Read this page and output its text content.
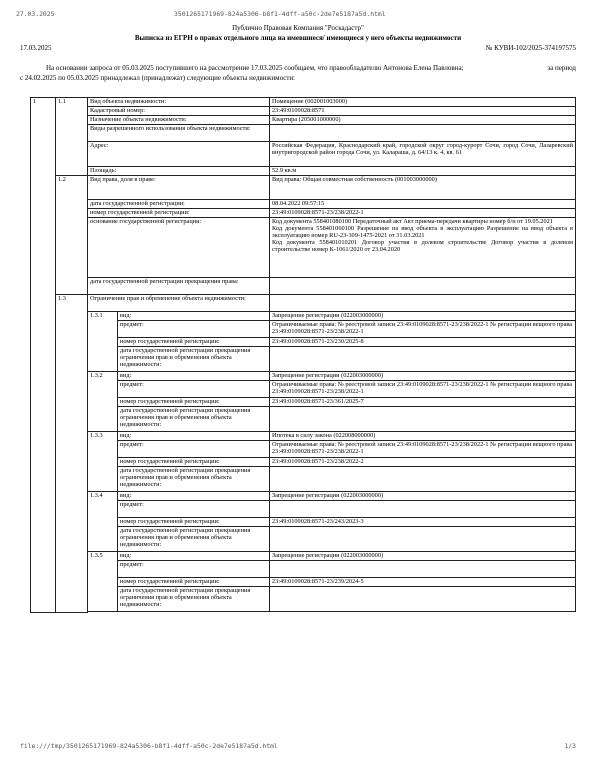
27.03.2025	3501265171969-824a5306-b8f1-4dff-a50c-2de7e5187a5d.html
Публично Правовая Компания "Роскадастр"
Выписка из ЕГРН о правах отдельного лица на имевшиеся/ имеющиеся у него объекты недвижимости
17.03.2025	№ КУВИ-102/2025-374197575
На основании запроса от 05.03.2025 поступившего на рассмотрение 17.03.2025 сообщаем, что правообладателю Антонова Елена Павловна;	за период
с 24.02.2025 по 05.03.2025 принадлежал (принадлежат) следующие объекты недвижимости:
1	1.1	Вид объекта недвижимости:		Помещение (002001003000)
		Кадастровый номер:		23:49:0109028:8571
		Назначение объекта недвижимости:		Квартира (205001000000)
		Виды разрешенного использования объекта недвижимости:		
		Адрес:		Российская Федерация, Краснодарский край, городской округ город-курорт Сочи, город Сочи, Лазаревский внутригородской район города Сочи, ул. Калараша, д. 64/13 к. 4, кв. 61
		Площадь:		52.9 кв.м
	1.2	Вид права, доля в праве:		Вид права: Общая совместная собственность (001003000000)
		дата государственной регистрации:		08.04.2022 09:57:15
		номер государственной регистрации:		23:49:0109028:8571-23/238/2022-1
		основание государственной регистрации:		Код документа 558401080100 Передаточный акт Акт приема-передачи квартиры номер б/н от 19.05.2021
Код документа 558401060100 Разрешение на ввод объекта в эксплуатацию Разрешение на ввод объекта в эксплуатацию номер RU-23-309-1475-2021 от 31.03.2021
Код документа 558401010201 Договор участия в долевом строительстве Договор участия в долевом строительстве номер К-1061/2020 от 23.04.2020

		дата государственной регистрации прекращения права:		
	1.3	Ограничение прав и обременение объекта недвижимости:		
		1.3.1	вид:	Запрещение регистрации (022003000000)
			предмет:	Ограничиваемые права: № реестровой записи 23:49:0109028:8571-23/238/2022-1 № регистрации вещного права 23:49:0109028:8571-23/238/2022-1
			номер государственной регистрации:	23:49:0109028:8571-23/230/2025-8
			дата государственной регистрации прекращения ограничения прав и обременения объекта недвижимости:	
		1.3.2	вид:	Запрещение регистрации (022003000000)
			предмет:	Ограничиваемые права: № реестровой записи 23:49:0109028:8571-23/238/2022-1 № регистрации вещного права 23:49:0109028:8571-23/238/2022-1
			номер государственной регистрации:	23:49:0109028:8571-23/361/2025-7
			дата государственной регистрации прекращения ограничения прав и обременения объекта недвижимости:	
		1.3.3	вид:	Ипотека в силу закона (022008000000)
			предмет:	Ограничиваемые права: № реестровой записи 23:49:0109028:8571-23/238/2022-1 № регистрации вещного права 23:49:0109028:8571-23/238/2022-1
			номер государственной регистрации:	23:49:0109028:8571-23/238/2022-2
			дата государственной регистрации прекращения ограничения прав и обременения объекта недвижимости:	
		1.3.4	вид:	Запрещение регистрации (022003000000)
			предмет:	
			номер государственной регистрации:	23:49:0109028:8571-23/243/2023-3
			дата государственной регистрации прекращения ограничения прав и обременения объекта недвижимости:	
		1.3.5	вид:	Запрещение регистрации (022003000000)
			предмет:	
			номер государственной регистрации:	23:49:0109028:8571-23/239/2024-5
			дата государственной регистрации прекращения ограничения прав и обременения объекта недвижимости:	

file:///tmp/3501265171969-824a5306-b8f1-4dff-a50c-2de7e5187a5d.html	1/3
